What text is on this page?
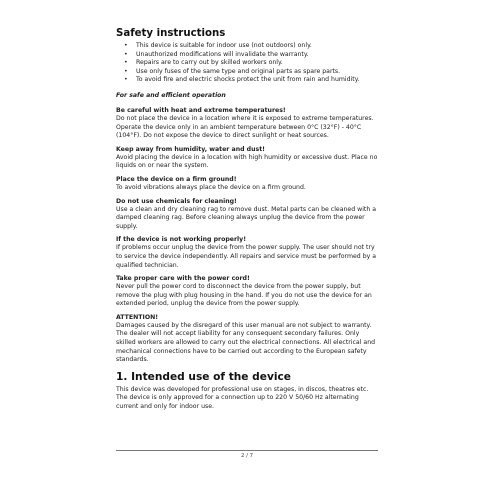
Safety instructions
• This device is suitable for indoor use (not outdoors) only.
• Unauthorized modifications will invalidate the warranty.
• Repairs are to carry out by skilled workers only.
• Use only fuses of the same type and original parts as spare parts.
• To avoid fire and electric shocks protect the unit from rain and humidity.

For safe and efficient operation

Be careful with heat and extreme temperatures!

Do not place the device in a location where it is exposed to extreme temperatures.
Operate the device only in an ambient temperature between 0°C (32°F) - 40°C (104°F). Do not expose the device to direct sunlight or heat sources.

Keep away from humidity, water and dust!

Avoid placing the device in a location with high humidity or excessive dust. Place no liquids on or near the system.

Place the device on a firm ground!

To avoid vibrations always place the device on a firm ground.

Do not use chemicals for cleaning!

Use a clean and dry cleaning rag to remove dust. Metal parts can be cleaned with a damped cleaning rag. Before cleaning always unplug the device from the power supply.

If the device is not working properly!

If problems occur unplug the device from the power supply. The user should not try to service the device independently. All repairs and service must be performed by a qualified technician.

Take proper care with the power cord!

Never pull the power cord to disconnect the device from the power supply, but remove the plug with plug housing in the hand. If you do not use the device for an extended period, unplug the device from the power supply.

ATTENTION!

Damages caused by the disregard of this user manual are not subject to warranty. The dealer will not accept liability for any consequent secondary failures. Only skilled workers are allowed to carry out the electrical connections. All electrical and mechanical connections have to be carried out according to the European safety standards.

1. Intended use of the device

This device was developed for professional use on stages, in discos, theatres etc. The device is only approved for a connection up to 220 V 50/60 Hz alternating current and only for indoor use.

2 / 7
